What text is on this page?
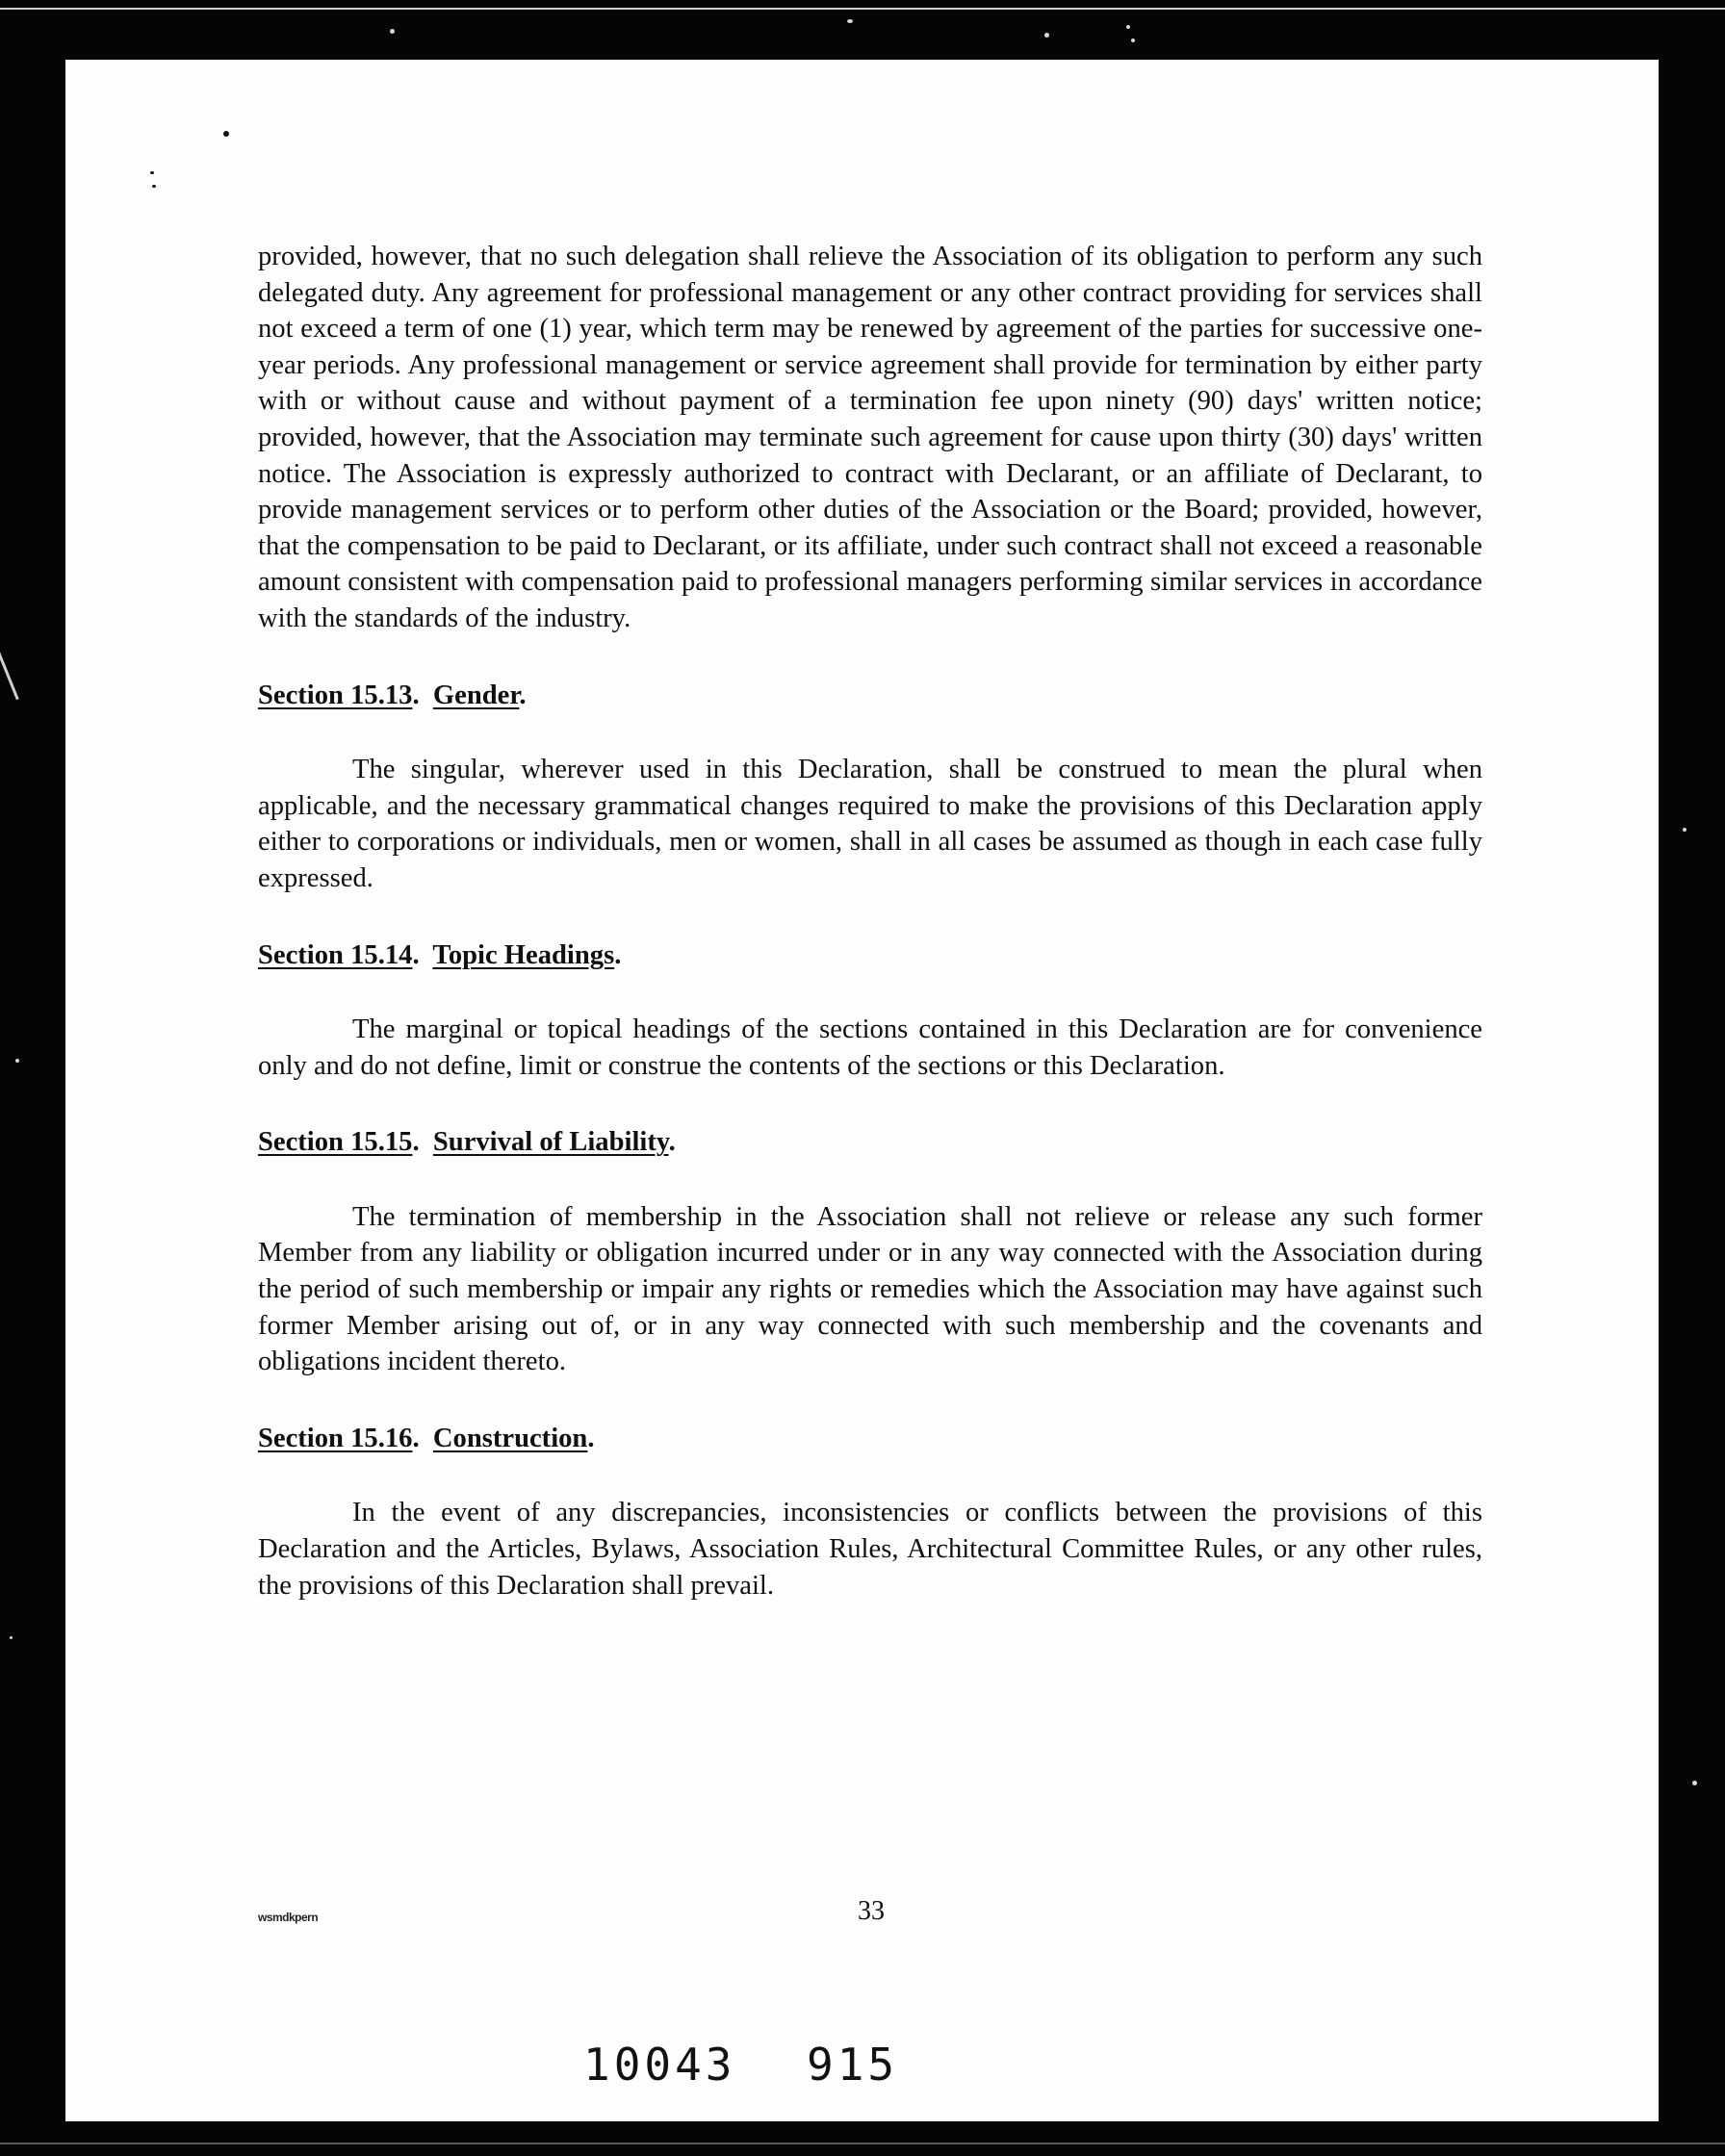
provided, however, that no such delegation shall relieve the Association of its obligation to perform any such delegated duty. Any agreement for professional management or any other contract providing for services shall not exceed a term of one (1) year, which term may be renewed by agreement of the parties for successive one-year periods. Any professional management or service agreement shall provide for termination by either party with or without cause and without payment of a termination fee upon ninety (90) days' written notice; provided, however, that the Association may terminate such agreement for cause upon thirty (30) days' written notice. The Association is expressly authorized to contract with Declarant, or an affiliate of Declarant, to provide management services or to perform other duties of the Association or the Board; provided, however, that the compensation to be paid to Declarant, or its affiliate, under such contract shall not exceed a reasonable amount consistent with compensation paid to professional managers performing similar services in accordance with the standards of the industry.

Section 15.13.  Gender.

The singular, wherever used in this Declaration, shall be construed to mean the plural when applicable, and the necessary grammatical changes required to make the provisions of this Declaration apply either to corporations or individuals, men or women, shall in all cases be assumed as though in each case fully expressed.

Section 15.14.  Topic Headings.

The marginal or topical headings of the sections contained in this Declaration are for convenience only and do not define, limit or construe the contents of the sections or this Declaration.

Section 15.15.  Survival of Liability.

The termination of membership in the Association shall not relieve or release any such former Member from any liability or obligation incurred under or in any way connected with the Association during the period of such membership or impair any rights or remedies which the Association may have against such former Member arising out of, or in any way connected with such membership and the covenants and obligations incident thereto.

Section 15.16.  Construction.

In the event of any discrepancies, inconsistencies or conflicts between the provisions of this Declaration and the Articles, Bylaws, Association Rules, Architectural Committee Rules, or any other rules, the provisions of this Declaration shall prevail.

wsmdkpern	33
10043 915
